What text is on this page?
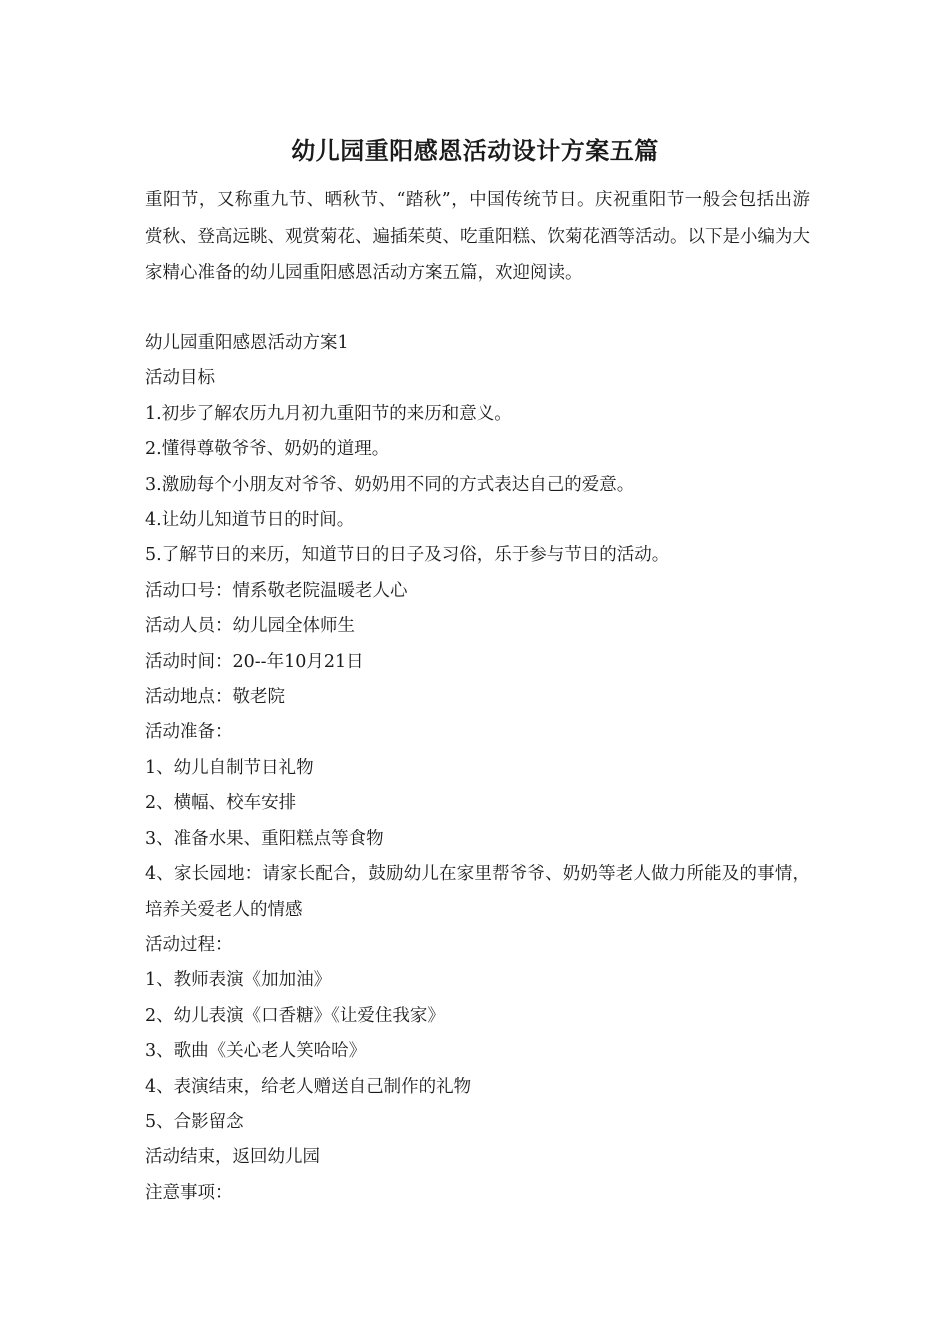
幼儿园重阳感恩活动设计方案五篇
重阳节，又称重九节、晒秋节、“踏秋”，中国传统节日。庆祝重阳节一般会包括出游赏秋、登高远眺、观赏菊花、遍插茱萸、吃重阳糕、饮菊花酒等活动。以下是小编为大家精心准备的幼儿园重阳感恩活动方案五篇，欢迎阅读。
幼儿园重阳感恩活动方案1
活动目标
1.初步了解农历九月初九重阳节的来历和意义。
2.懂得尊敬爷爷、奶奶的道理。
3.激励每个小朋友对爷爷、奶奶用不同的方式表达自己的爱意。
4.让幼儿知道节日的时间。
5.了解节日的来历，知道节日的日子及习俗，乐于参与节日的活动。
活动口号：情系敬老院温暖老人心
活动人员：幼儿园全体师生
活动时间：20--年10月21日
活动地点：敬老院
活动准备：
1、幼儿自制节日礼物
2、横幅、校车安排
3、准备水果、重阳糕点等食物
4、家长园地：请家长配合，鼓励幼儿在家里帮爷爷、奶奶等老人做力所能及的事情，培养关爱老人的情感
活动过程：
1、教师表演《加加油》
2、幼儿表演《口香糖》《让爱住我家》
3、歌曲《关心老人笑哈哈》
4、表演结束，给老人赠送自己制作的礼物
5、合影留念
活动结束，返回幼儿园
注意事项：
